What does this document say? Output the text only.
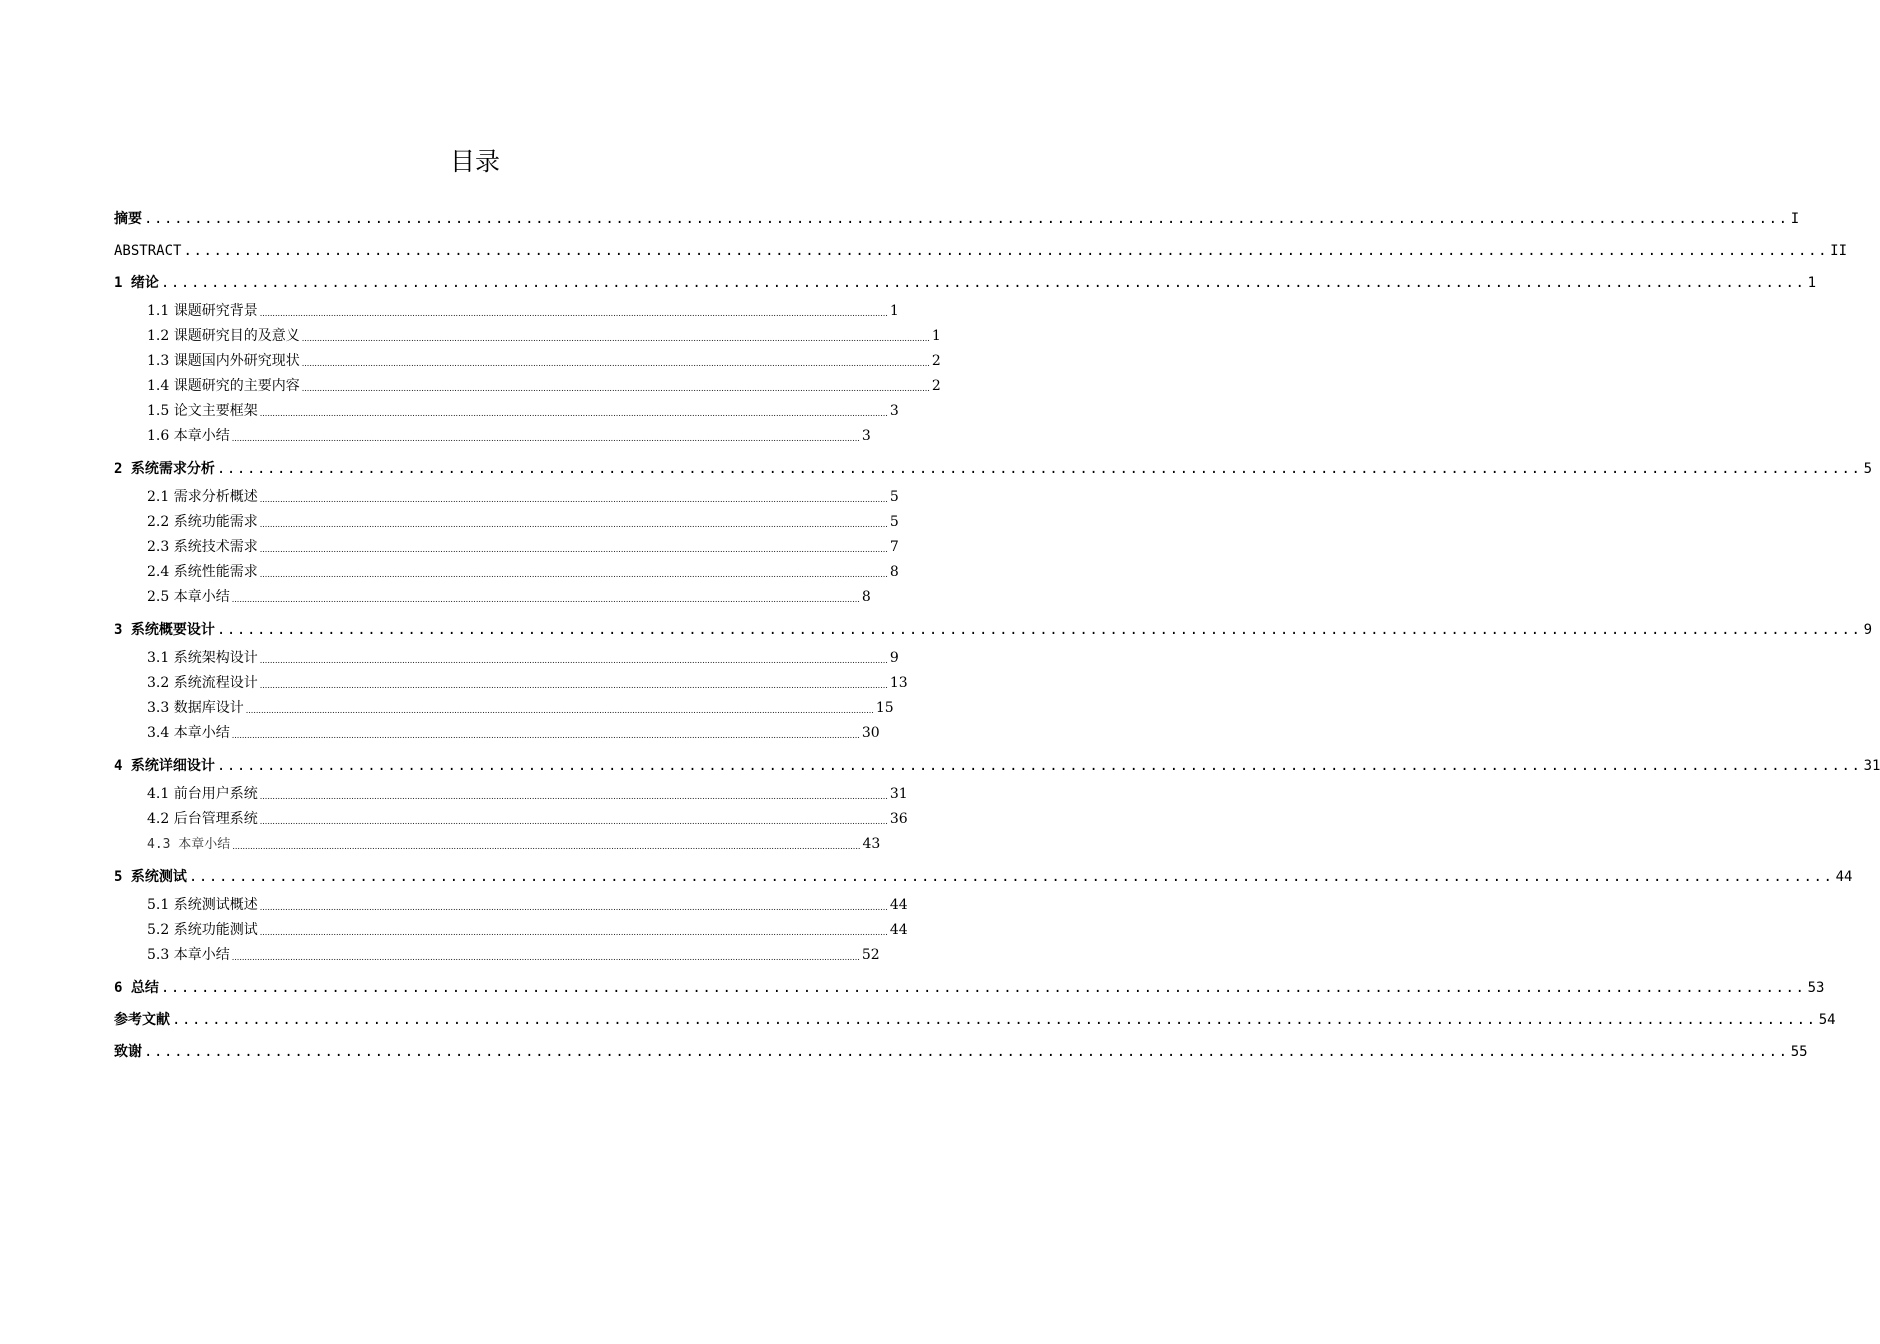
目录
摘要 .................................................................................................................................................................... I
ABSTRACT .................................................................................................................................................................... II
1 绪论 .................................................................................................................................................................... 1
1.1 课题研究背景 ....................................................................................................................................................................................................................................................... 1
1.2 课题研究目的及意义 ....................................................................................................................................................................................................................................................... 1
1.3 课题国内外研究现状 ....................................................................................................................................................................................................................................................... 2
1.4 课题研究的主要内容 ....................................................................................................................................................................................................................................................... 2
1.5 论文主要框架 ....................................................................................................................................................................................................................................................... 3
1.6 本章小结 ....................................................................................................................................................................................................................................................... 3
2 系统需求分析 .................................................................................................................................................................... 5
2.1 需求分析概述 ....................................................................................................................................................................................................................................................... 5
2.2 系统功能需求 ....................................................................................................................................................................................................................................................... 5
2.3 系统技术需求 ....................................................................................................................................................................................................................................................... 7
2.4 系统性能需求 ....................................................................................................................................................................................................................................................... 8
2.5 本章小结 ....................................................................................................................................................................................................................................................... 8
3 系统概要设计 .................................................................................................................................................................... 9
3.1 系统架构设计 ....................................................................................................................................................................................................................................................... 9
3.2 系统流程设计 ....................................................................................................................................................................................................................................................... 13
3.3 数据库设计 ....................................................................................................................................................................................................................................................... 15
3.4 本章小结 ....................................................................................................................................................................................................................................................... 30
4 系统详细设计 .................................................................................................................................................................... 31
4.1 前台用户系统 ....................................................................................................................................................................................................................................................... 31
4.2 后台管理系统 ....................................................................................................................................................................................................................................................... 36
4.3 本章小结 ....................................................................................................................................................................................................................................................... 43
5 系统测试 .................................................................................................................................................................... 44
5.1 系统测试概述 ....................................................................................................................................................................................................................................................... 44
5.2 系统功能测试 ....................................................................................................................................................................................................................................................... 44
5.3 本章小结 ....................................................................................................................................................................................................................................................... 52
6 总结 .................................................................................................................................................................... 53
参考文献 .................................................................................................................................................................... 54
致谢 .................................................................................................................................................................... 55
